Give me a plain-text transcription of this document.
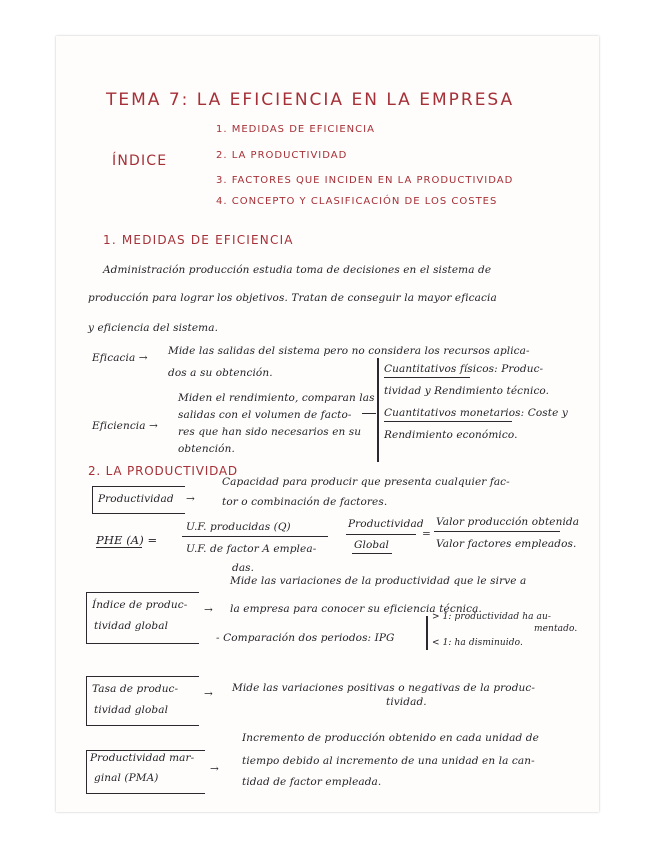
TEMA 7: LA EFICIENCIA EN LA EMPRESA
ÍNDICE
1. MEDIDAS DE EFICIENCIA
2. LA PRODUCTIVIDAD
3. FACTORES QUE INCIDEN EN LA PRODUCTIVIDAD
4. CONCEPTO Y CLASIFICACIÓN DE LOS COSTES
1. MEDIDAS DE EFICIENCIA
Administración producción estudia toma de decisiones en el sistema de
producción para lograr los objetivos. Tratan de conseguir la mayor eficacia
y eficiencia del sistema.
Eficacia →
Mide las salidas del sistema pero no considera los recursos aplica-
dos a su obtención.
Eficiencia →
Miden el rendimiento, comparan las
salidas con el volumen de facto-
res que han sido necesarios en su
obtención.
Cuantitativos físicos: Produc-
tividad y Rendimiento técnico.
Cuantitativos monetarios: Coste y
Rendimiento económico.
2. LA PRODUCTIVIDAD
Productividad →
Capacidad para producir que presenta cualquier fac-
tor o combinación de factores.
PHE (A) =
U.F. producidas (Q)
U.F. de factor A emplea-
das.
Productividad
Global
=
Valor producción obtenida
Valor factores empleados.
Índice de produc-
tividad global
→
Mide las variaciones de la productividad que le sirve a
la empresa para conocer su eficiencia técnica.
- Comparación dos periodos: IPG
> 1: productividad ha au-
mentado.
< 1: ha disminuido.
Tasa de produc-
tividad global
→ Mide las variaciones positivas o negativas de la produc-
tividad.
Productividad mar-
ginal (PMA)
→
Incremento de producción obtenido en cada unidad de
tiempo debido al incremento de una unidad en la can-
tidad de factor empleada.
